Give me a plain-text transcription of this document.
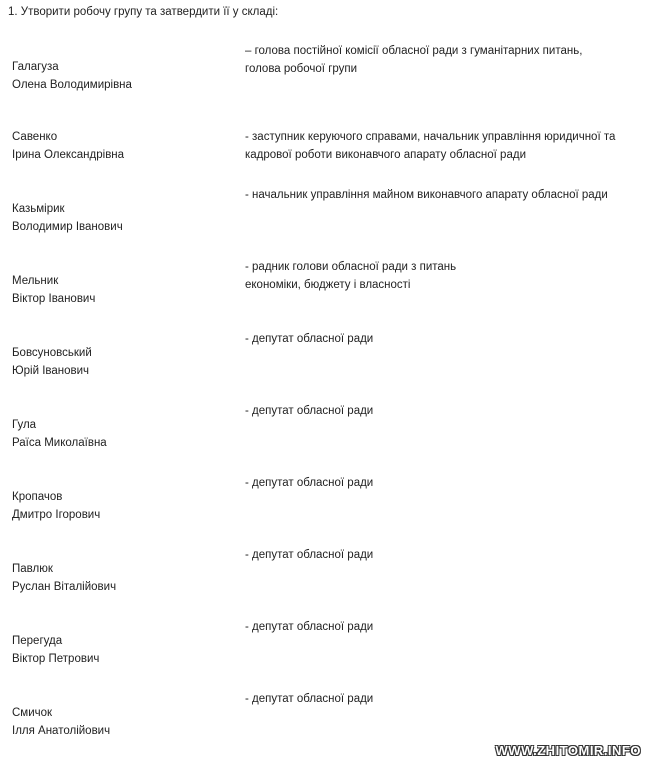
1. Утворити робочу групу та затвердити її у складі:
Галагуза
Олена Володимирівна
– голова постійної комісії обласної ради з гуманітарних питань,
голова робочої групи
Савенко
Ірина Олександрівна
- заступник керуючого справами, начальник управління юридичної та
кадрової роботи виконавчого апарату обласної ради
Казьмірик
Володимир Іванович
- начальник управління майном виконавчого апарату обласної ради
Мельник
Віктор Іванович
- радник голови обласної ради з питань
економіки, бюджету і власності
Бовсуновський
Юрій Іванович
- депутат обласної ради
Гула
Раїса Миколаївна
- депутат обласної ради
Кропачов
Дмитро Ігорович
- депутат обласної ради
Павлюк
Руслан Віталійович
- депутат обласної ради
Перегуда
Віктор Петрович
- депутат обласної ради
Смичок
Ілля Анатолійович
- депутат обласної ради
WWW.ZHITOMIR.INFO
